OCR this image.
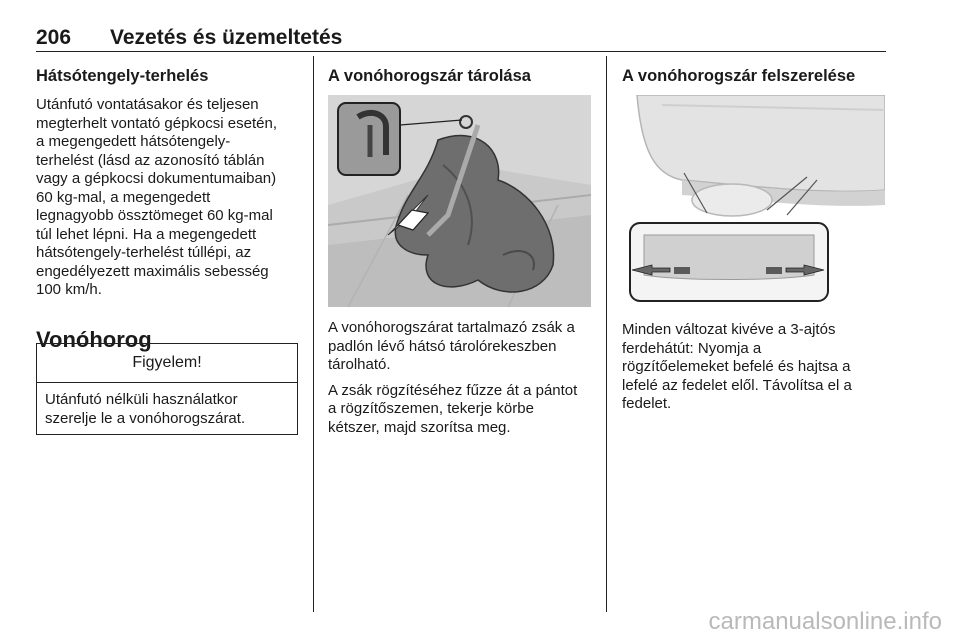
206 Vezetés és üzemeltetés
Hátsótengely-terhelés

Utánfutó vontatásakor és teljesen
megterhelt vontató gépkocsi esetén,
a megengedett hátsótengely-
terhelést (lásd az azonosító táblán
vagy a gépkocsi dokumentumaiban)
60 kg-mal, a megengedett
legnagyobb össztömeget 60 kg-mal
túl lehet lépni. Ha a megengedett
hátsótengely-terhelést túllépi, az
engedélyezett maximális sebesség
100 km/h.

Vonóhorog
Figyelem!
Utánfutó nélküli használatkor
szerelje le a vonóhorogszárat.
A vonóhorogszár tárolása

A vonóhorogszárat tartalmazó zsák a
padlón lévő hátsó tárolórekeszben
tárolható.

A zsák rögzítéséhez fűzze át a pántot
a rögzítőszemen, tekerje körbe
kétszer, majd szorítsa meg.

A vonóhorogszár felszerelése

Minden változat kivéve a 3-ajtós
ferdehátút: Nyomja a
rögzítőelemeket befelé és hajtsa a
lefelé az fedelet elől. Távolítsa el a
fedelet.

carmanualsonline.info
